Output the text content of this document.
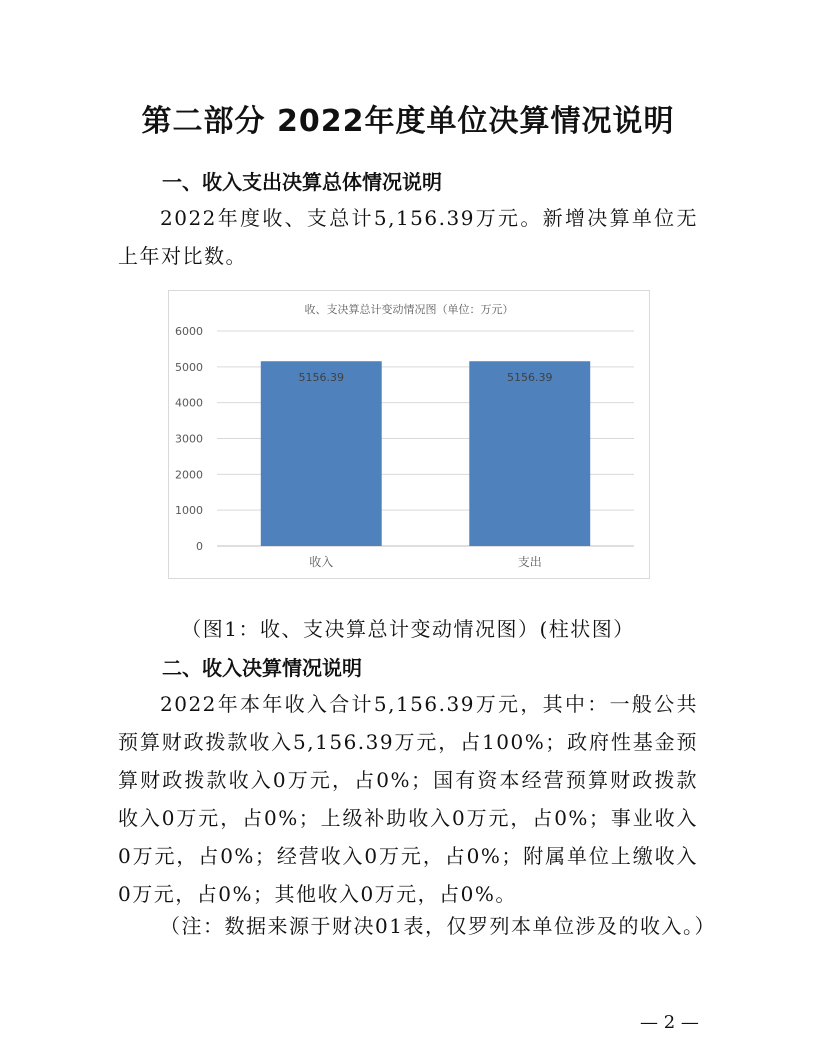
第二部分 2022年度单位决算情况说明
一、收入支出决算总体情况说明

2022年度收、支总计5,156.39万元。新增决算单位无上年对比数。

收、支决算总计变动情况图（单位：万元）
0
1000
2000
3000
4000
5000
6000
5156.39
收入
5156.39
支出
（图1：收、支决算总计变动情况图）(柱状图）
二、收入决算情况说明

2022年本年收入合计5,156.39万元，其中：一般公共预算财政拨款收入5,156.39万元，占100%；政府性基金预算财政拨款收入0万元，占0%；国有资本经营预算财政拨款收入0万元，占0%；上级补助收入0万元，占0%；事业收入0万元，占0%；经营收入0万元，占0%；附属单位上缴收入0万元，占0%；其他收入0万元，占0%。

（注：数据来源于财决01表，仅罗列本单位涉及的收入。）
— 2 —
